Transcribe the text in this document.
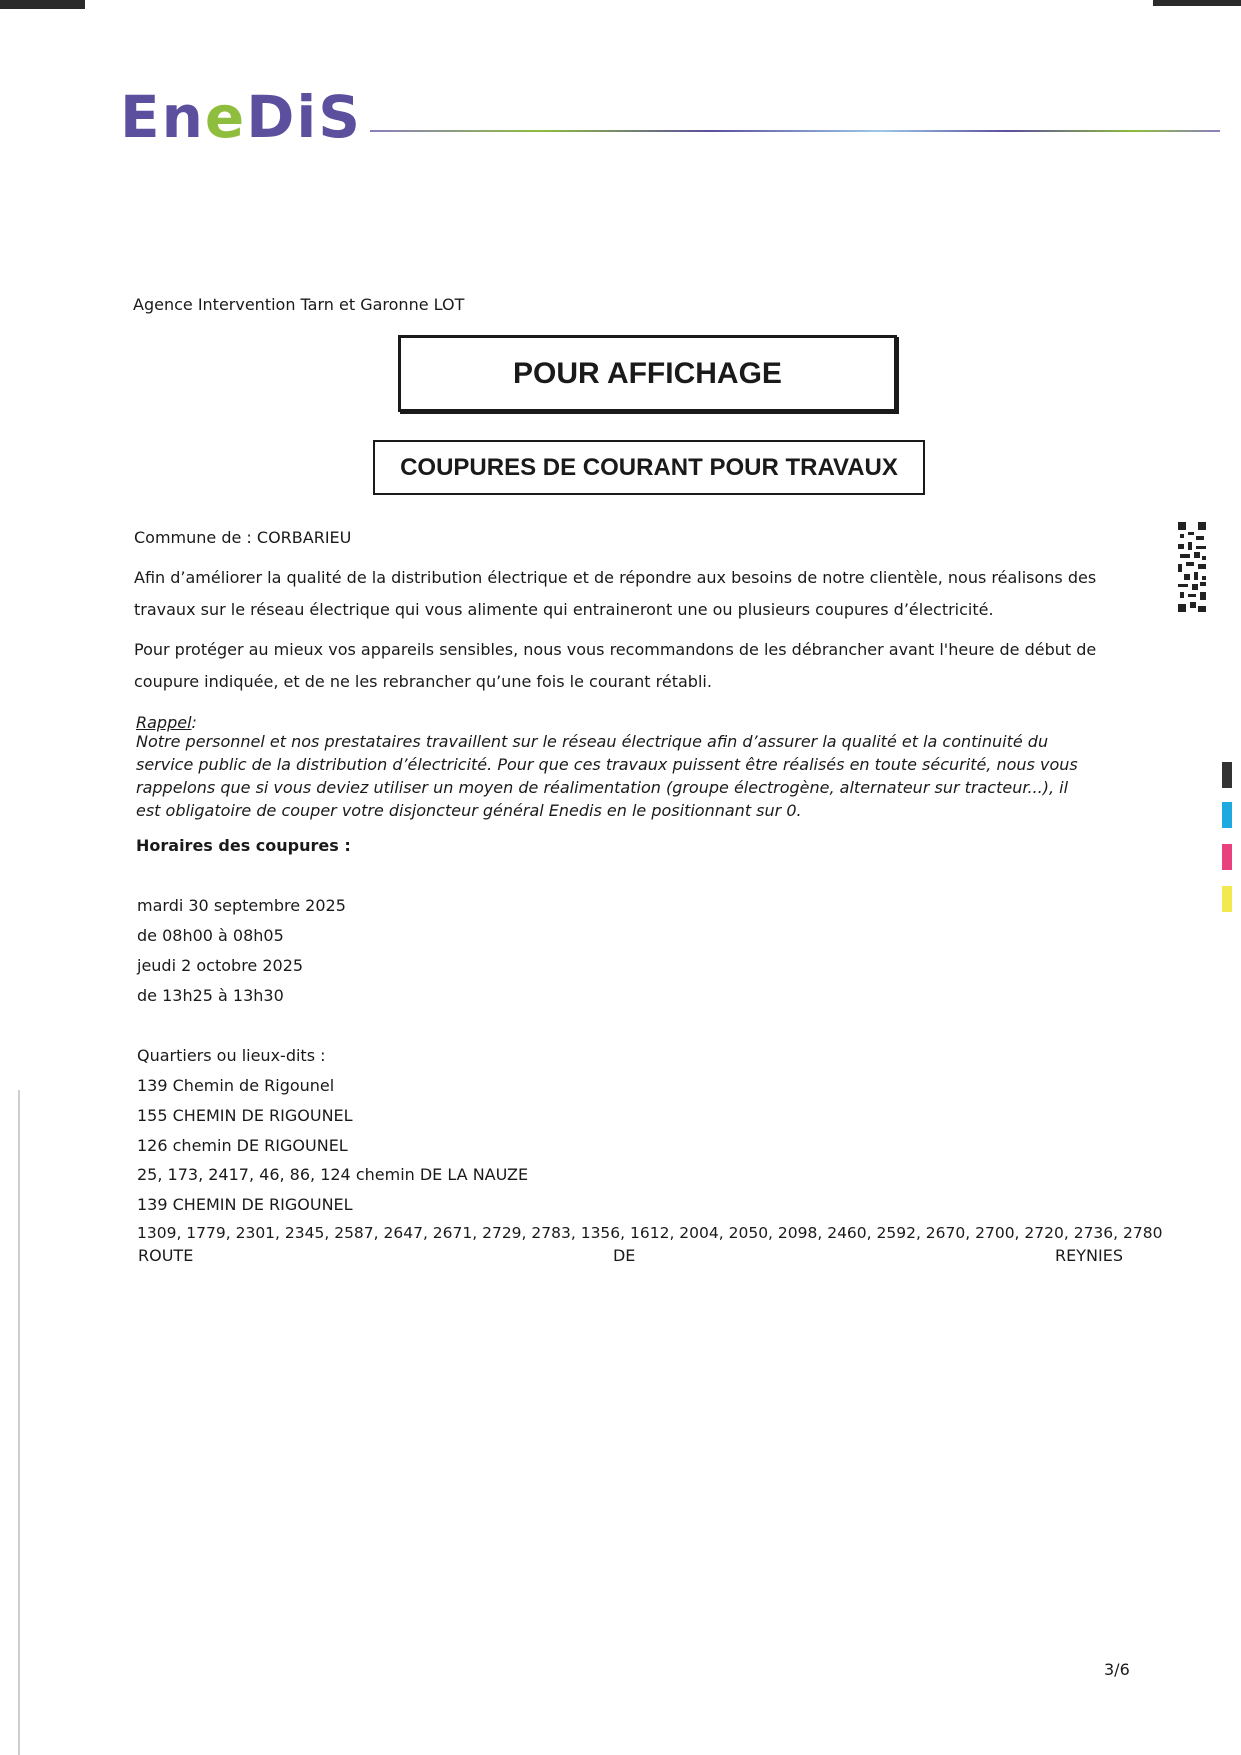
EneDiS
Agence Intervention Tarn et Garonne LOT
POUR AFFICHAGE
COUPURES DE COURANT POUR TRAVAUX
Commune de : CORBARIEU
Afin d’améliorer la qualité de la distribution électrique et de répondre aux besoins de notre clientèle, nous réalisons des travaux sur le réseau électrique qui vous alimente qui entraineront une ou plusieurs coupures d’électricité.
Pour protéger au mieux vos appareils sensibles, nous vous recommandons de les débrancher avant l'heure de début de coupure indiquée, et de ne les rebrancher qu’une fois le courant rétabli.
Rappel:
Notre personnel et nos prestataires travaillent sur le réseau électrique afin d’assurer la qualité et la continuité du service public de la distribution d’électricité. Pour que ces travaux puissent être réalisés en toute sécurité, nous vous rappelons que si vous deviez utiliser un moyen de réalimentation (groupe électrogène, alternateur sur tracteur...), il est obligatoire de couper votre disjoncteur général Enedis en le positionnant sur 0.
Horaires des coupures :
mardi 30 septembre 2025
de 08h00 à 08h05
jeudi 2 octobre 2025
de 13h25 à 13h30
Quartiers ou lieux-dits :
139 Chemin de Rigounel
155 CHEMIN DE RIGOUNEL
126 chemin DE RIGOUNEL
25, 173, 2417, 46, 86, 124 chemin DE LA NAUZE
139 CHEMIN DE RIGOUNEL
1309, 1779, 2301, 2345, 2587, 2647, 2671, 2729, 2783, 1356, 1612, 2004, 2050, 2098, 2460, 2592, 2670, 2700, 2720, 2736, 2780
ROUTE	DE	REYNIES
3/6
